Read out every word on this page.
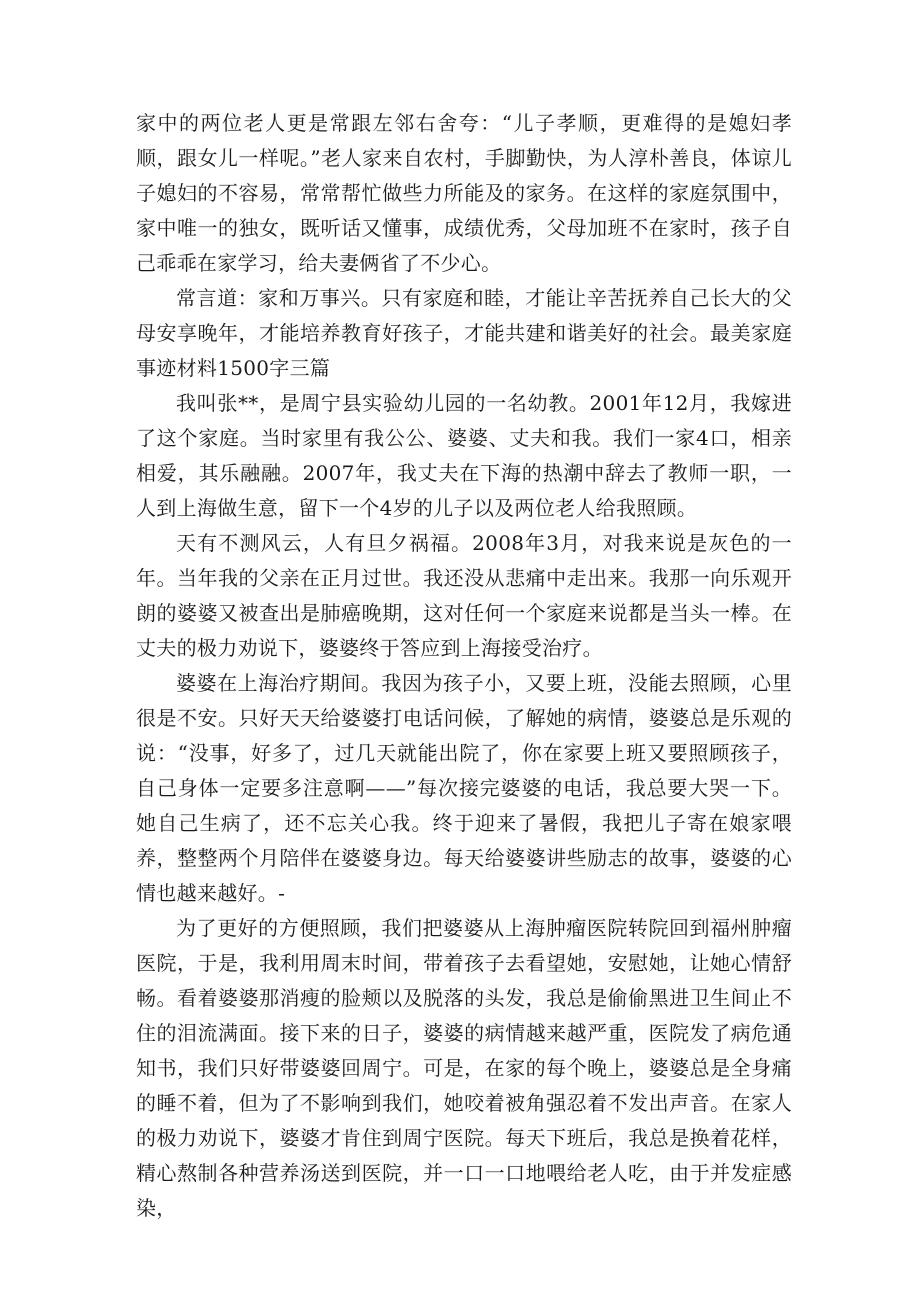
家中的两位老人更是常跟左邻右舍夸：“儿子孝顺，更难得的是媳妇孝顺，跟女儿一样呢。”老人家来自农村，手脚勤快，为人淳朴善良，体谅儿子媳妇的不容易，常常帮忙做些力所能及的家务。在这样的家庭氛围中，家中唯一的独女，既听话又懂事，成绩优秀，父母加班不在家时，孩子自己乖乖在家学习，给夫妻俩省了不少心。

常言道：家和万事兴。只有家庭和睦，才能让辛苦抚养自己长大的父母安享晚年，才能培养教育好孩子，才能共建和谐美好的社会。最美家庭事迹材料1500字三篇

我叫张**，是周宁县实验幼儿园的一名幼教。2001年12月，我嫁进了这个家庭。当时家里有我公公、婆婆、丈夫和我。我们一家4口，相亲相爱，其乐融融。2007年，我丈夫在下海的热潮中辞去了教师一职，一人到上海做生意，留下一个4岁的儿子以及两位老人给我照顾。

天有不测风云，人有旦夕祸福。2008年3月，对我来说是灰色的一年。当年我的父亲在正月过世。我还没从悲痛中走出来。我那一向乐观开朗的婆婆又被查出是肺癌晚期，这对任何一个家庭来说都是当头一棒。在丈夫的极力劝说下，婆婆终于答应到上海接受治疗。

婆婆在上海治疗期间。我因为孩子小，又要上班，没能去照顾，心里很是不安。只好天天给婆婆打电话问候，了解她的病情，婆婆总是乐观的说：“没事，好多了，过几天就能出院了，你在家要上班又要照顾孩子，自己身体一定要多注意啊——”每次接完婆婆的电话，我总要大哭一下。她自己生病了，还不忘关心我。终于迎来了暑假，我把儿子寄在娘家喂养，整整两个月陪伴在婆婆身边。每天给婆婆讲些励志的故事，婆婆的心情也越来越好。-

为了更好的方便照顾，我们把婆婆从上海肿瘤医院转院回到福州肿瘤医院，于是，我利用周末时间，带着孩子去看望她，安慰她，让她心情舒畅。看着婆婆那消瘦的脸颊以及脱落的头发，我总是偷偷黑进卫生间止不住的泪流满面。接下来的日子，婆婆的病情越来越严重，医院发了病危通知书，我们只好带婆婆回周宁。可是，在家的每个晚上，婆婆总是全身痛的睡不着，但为了不影响到我们，她咬着被角强忍着不发出声音。在家人的极力劝说下，婆婆才肯住到周宁医院。每天下班后，我总是换着花样，精心熬制各种营养汤送到医院，并一口一口地喂给老人吃，由于并发症感染，
